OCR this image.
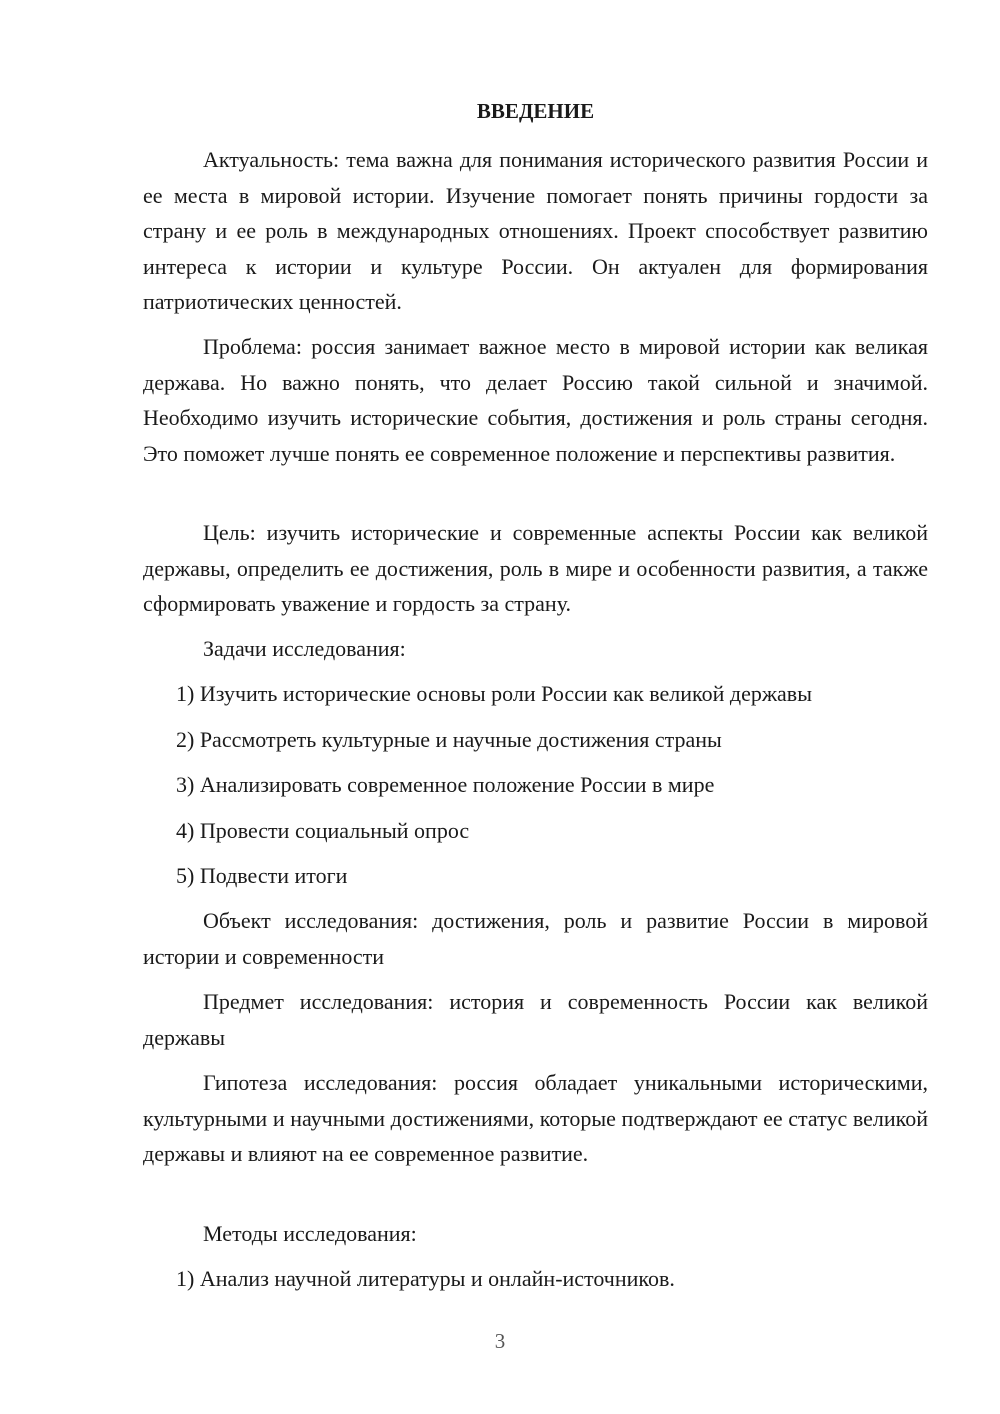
ВВЕДЕНИЕ

Актуальность: тема важна для понимания исторического развития России и ее места в мировой истории. Изучение помогает понять причины гордости за страну и ее роль в международных отношениях. Проект способствует развитию интереса к истории и культуре России. Он актуален для формирования патриотических ценностей.

Проблема: россия занимает важное место в мировой истории как великая держава. Но важно понять, что делает Россию такой сильной и значимой. Необходимо изучить исторические события, достижения и роль страны сегодня. Это поможет лучше понять ее современное положение и перспективы развития.

Цель: изучить исторические и современные аспекты России как великой державы, определить ее достижения, роль в мире и особенности развития, а также сформировать уважение и гордость за страну.

Задачи исследования:

1) Изучить исторические основы роли России как великой державы

2) Рассмотреть культурные и научные достижения страны

3) Анализировать современное положение России в мире

4) Провести социальный опрос

5) Подвести итоги

Объект исследования: достижения, роль и развитие России в мировой истории и современности

Предмет исследования: история и современность России как великой державы

Гипотеза исследования: россия обладает уникальными историческими, культурными и научными достижениями, которые подтверждают ее статус великой державы и влияют на ее современное развитие.

Методы исследования:

1) Анализ научной литературы и онлайн-источников.

3
